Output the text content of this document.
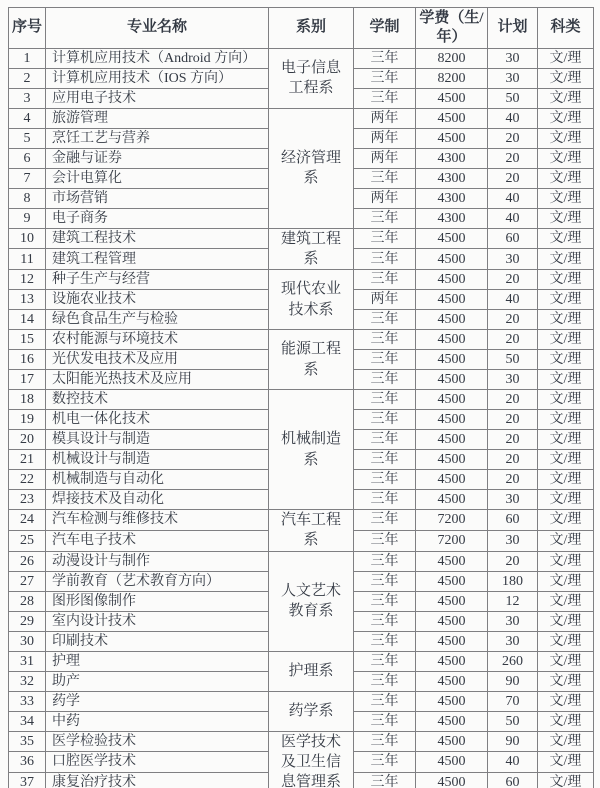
序号	专业名称	系别	学制	学费（生/年）	计划	科类
1	计算机应用技术（Android 方向）	电子信息工程系	三年	8200	30	文/理
2	计算机应用技术（IOS 方向）		三年	8200	30	文/理
3	应用电子技术		三年	4500	50	文/理
4	旅游管理	经济管理系	两年	4500	40	文/理
5	烹饪工艺与营养		两年	4500	20	文/理
6	金融与证券		两年	4300	20	文/理
7	会计电算化		三年	4300	20	文/理
8	市场营销		两年	4300	40	文/理
9	电子商务		三年	4300	40	文/理
10	建筑工程技术	建筑工程系	三年	4500	60	文/理
11	建筑工程管理		三年	4500	30	文/理
12	种子生产与经营	现代农业技术系	三年	4500	20	文/理
13	设施农业技术		两年	4500	40	文/理
14	绿色食品生产与检验		三年	4500	20	文/理
15	农村能源与环境技术	能源工程系	三年	4500	20	文/理
16	光伏发电技术及应用		三年	4500	50	文/理
17	太阳能光热技术及应用		三年	4500	30	文/理
18	数控技术	机械制造系	三年	4500	20	文/理
19	机电一体化技术		三年	4500	20	文/理
20	模具设计与制造		三年	4500	20	文/理
21	机械设计与制造		三年	4500	20	文/理
22	机械制造与自动化		三年	4500	20	文/理
23	焊接技术及自动化		三年	4500	30	文/理
24	汽车检测与维修技术	汽车工程系	三年	7200	60	文/理
25	汽车电子技术		三年	7200	30	文/理
26	动漫设计与制作	人文艺术教育系	三年	4500	20	文/理
27	学前教育（艺术教育方向）		三年	4500	180	文/理
28	图形图像制作		三年	4500	12	文/理
29	室内设计技术		三年	4500	30	文/理
30	印刷技术		三年	4500	30	文/理
31	护理	护理系	三年	4500	260	文/理
32	助产		三年	4500	90	文/理
33	药学	药学系	三年	4500	70	文/理
34	中药		三年	4500	50	文/理
35	医学检验技术	医学技术及卫生信息管理系	三年	4500	90	文/理
36	口腔医学技术		三年	4500	40	文/理
37	康复治疗技术		三年	4500	60	文/理
